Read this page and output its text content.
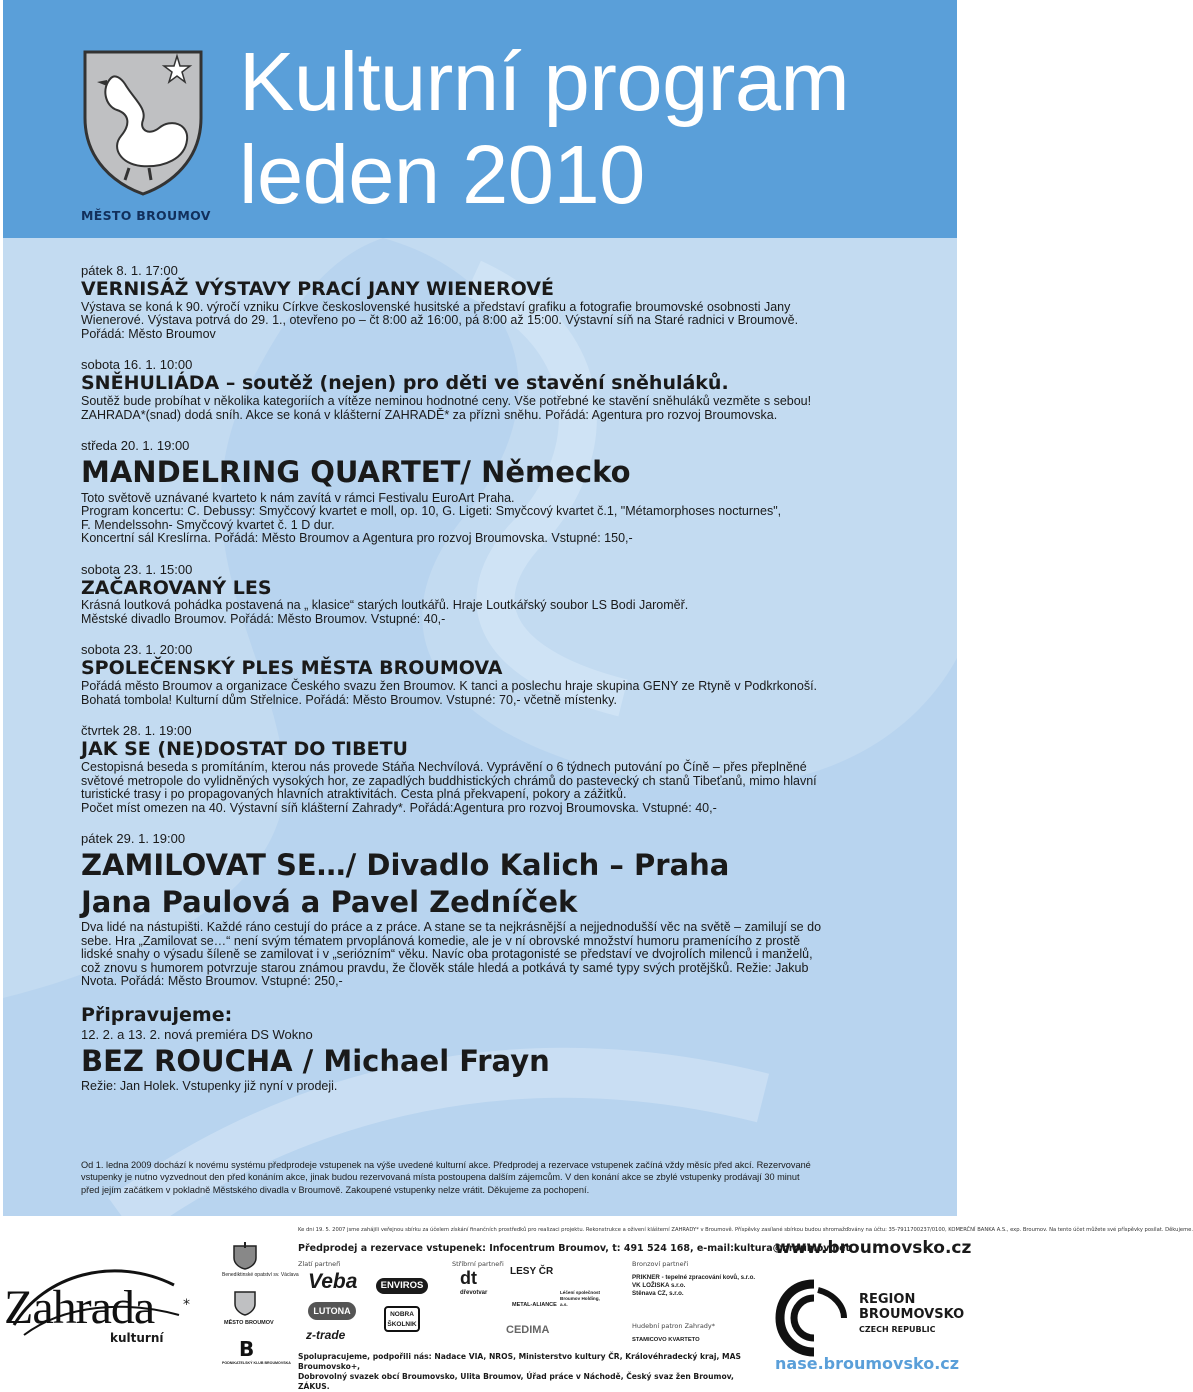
MĚSTO BROUMOV
Kulturní program
leden 2010
pátek 8. 1. 17:00
VERNISÁŽ VÝSTAVY PRACÍ JANY WIENEROVÉ
Výstava se koná k 90. výročí vzniku Církve československé husitské a představí grafiku a fotografie broumovské osobnosti Jany
Wienerové. Výstava potrvá do 29. 1., otevřeno po – čt 8:00 až 16:00, pá 8:00 až 15:00. Výstavní síň na Staré radnici v Broumově.
Pořádá: Město Broumov
sobota 16. 1. 10:00
SNĚHULIÁDA – soutěž (nejen) pro děti ve stavění sněhuláků.
Soutěž bude probíhat v několika kategoriích a vítěze neminou hodnotné ceny. Vše potřebné ke stavění sněhuláků vezměte s sebou!
ZAHRADA*(snad) dodá sníh. Akce se koná v klášterní ZAHRADĚ* za příznì sněhu. Pořádá: Agentura pro rozvoj Broumovska.
středa 20. 1. 19:00
MANDELRING QUARTET/ Německo
Toto světově uznávané kvarteto k nám zavítá v rámci Festivalu EuroArt Praha.
Program koncertu: C. Debussy: Smyčcový kvartet e moll, op. 10, G. Ligeti: Smyčcový kvartet č.1, "Métamorphoses nocturnes",
F. Mendelssohn- Smyčcový kvartet č. 1 D dur.
Koncertní sál Kreslírna. Pořádá: Město Broumov a Agentura pro rozvoj Broumovska. Vstupné: 150,-
sobota 23. 1. 15:00
ZAČAROVANÝ LES
Krásná loutková pohádka postavená na „ klasice“ starých loutkářů. Hraje Loutkářský soubor LS Bodi Jaroměř.
Městské divadlo Broumov. Pořádá: Město Broumov. Vstupné: 40,-
sobota 23. 1. 20:00
SPOLEČENSKÝ PLES MĚSTA BROUMOVA
Pořádá město Broumov a organizace Českého svazu žen Broumov. K tanci a poslechu hraje skupina GENY ze Rtyně v Podkrkonoší.
Bohatá tombola! Kulturní dům Střelnice. Pořádá: Město Broumov. Vstupné: 70,- včetně místenky.
čtvrtek 28. 1. 19:00
JAK SE (NE)DOSTAT DO TIBETU
Cestopisná beseda s promítáním, kterou nás provede Stáňa Nechvílová. Vyprávění o 6 týdnech putování po Číně – přes přeplněné
světové metropole do vylidněných vysokých hor, ze zapadlých buddhistických chrámů do pastevecký ch stanů Tibeťanů, mimo hlavní
turistické trasy i po propagovaných hlavních atraktivitách. Cesta plná překvapení, pokory a zážitků.
Počet míst omezen na 40. Výstavní síň klášterní Zahrady*. Pořádá:Agentura pro rozvoj Broumovska. Vstupné: 40,-
pátek 29. 1. 19:00
ZAMILOVAT SE…/ Divadlo Kalich – Praha
Jana Paulová a Pavel Zedníček
Dva lidé na nástupišti. Každé ráno cestují do práce a z práce. A stane se ta nejkrásnější a nejjednodušší věc na světě – zamilují se do
sebe. Hra „Zamilovat se…“ není svým tématem prvoplánová komedie, ale je v ní obrovské množství humoru pramenícího z prostě
lidské snahy o výsadu šíleně se zamilovat i v „seriózním“ věku. Navíc oba protagonisté se představí ve dvojrolích milenců i manželů,
což znovu s humorem potvrzuje starou známou pravdu, že člověk stále hledá a potkává ty samé typy svých protějšků. Režie: Jakub
Nvota. Pořádá: Město Broumov. Vstupné: 250,-
Připravujeme:
12. 2. a 13. 2. nová premiéra DS Wokno
BEZ ROUCHA / Michael Frayn
Režie: Jan Holek. Vstupenky již nyní v prodeji.
Od 1. ledna 2009 dochází k novému systému předprodeje vstupenek na výše uvedené kulturní akce. Předprodej a rezervace vstupenek začíná vždy měsíc před akcí. Rezervované
vstupenky je nutno vyzvednout den před konáním akce, jinak budou rezervovaná místa postoupena dalším zájemcům. V den konání akce se zbylé vstupenky prodávají 30 minut
před jejím začátkem v pokladně Městského divadla v Broumově. Zakoupené vstupenky nelze vrátit. Děkujeme za pochopení.
Zahrada *
kulturní
Benediktinské opatství sv. Václava
MĚSTO BROUMOV
B
PODNIKATELSKÝ KLUB BROUMOVSKA
Ke dni 19. 5. 2007 jsme zahájili veřejnou sbírku za účelem získání finančních prostředků pro realizaci projektu. Rekonstrukce a oživení klášterní ZAHRADY* v Broumově. Příspěvky zasílané sbírkou budou shromažďovány na účtu: 35-7911700237/0100, KOMERČNÍ BANKA A.S., exp. Broumov. Na tento účet můžete své příspěvky posílat. Děkujeme.
Předprodej a rezervace vstupenek: Infocentrum Broumov, t: 491 524 168, e-mail:kultura@broumov.net
Zlatí partneři	Stříbrní partneři	Bronzoví partneři
Hudební patron Zahrady*
Veba	ENVIROS
LUTONA	NOBRA ŠKOLNIK
z-trade
dt
dřevotvar
LESY ČR
METAL-ALIANCE
CEDIMA
Léčení společnost Broumov Holding, a.s.
PRIKNER - tepelné zpracování kovů, s.r.o.
VK LOŽISKA s.r.o.
Stěnava CZ, s.r.o.
STAMICOVO KVARTETO
www.broumovsko.cz
REGION
BROUMOVSKO
CZECH REPUBLIC
nase.broumovsko.cz
Spolupracujeme, podpořili nás: Nadace VIA, NROS, Ministerstvo kultury ČR, Královéhradecký kraj, MAS Broumovsko+,
Dobrovolný svazek obcí Broumovsko, Ulita Broumov, Úřad práce v Náchodě, Český svaz žen Broumov, ZÁKUS.
